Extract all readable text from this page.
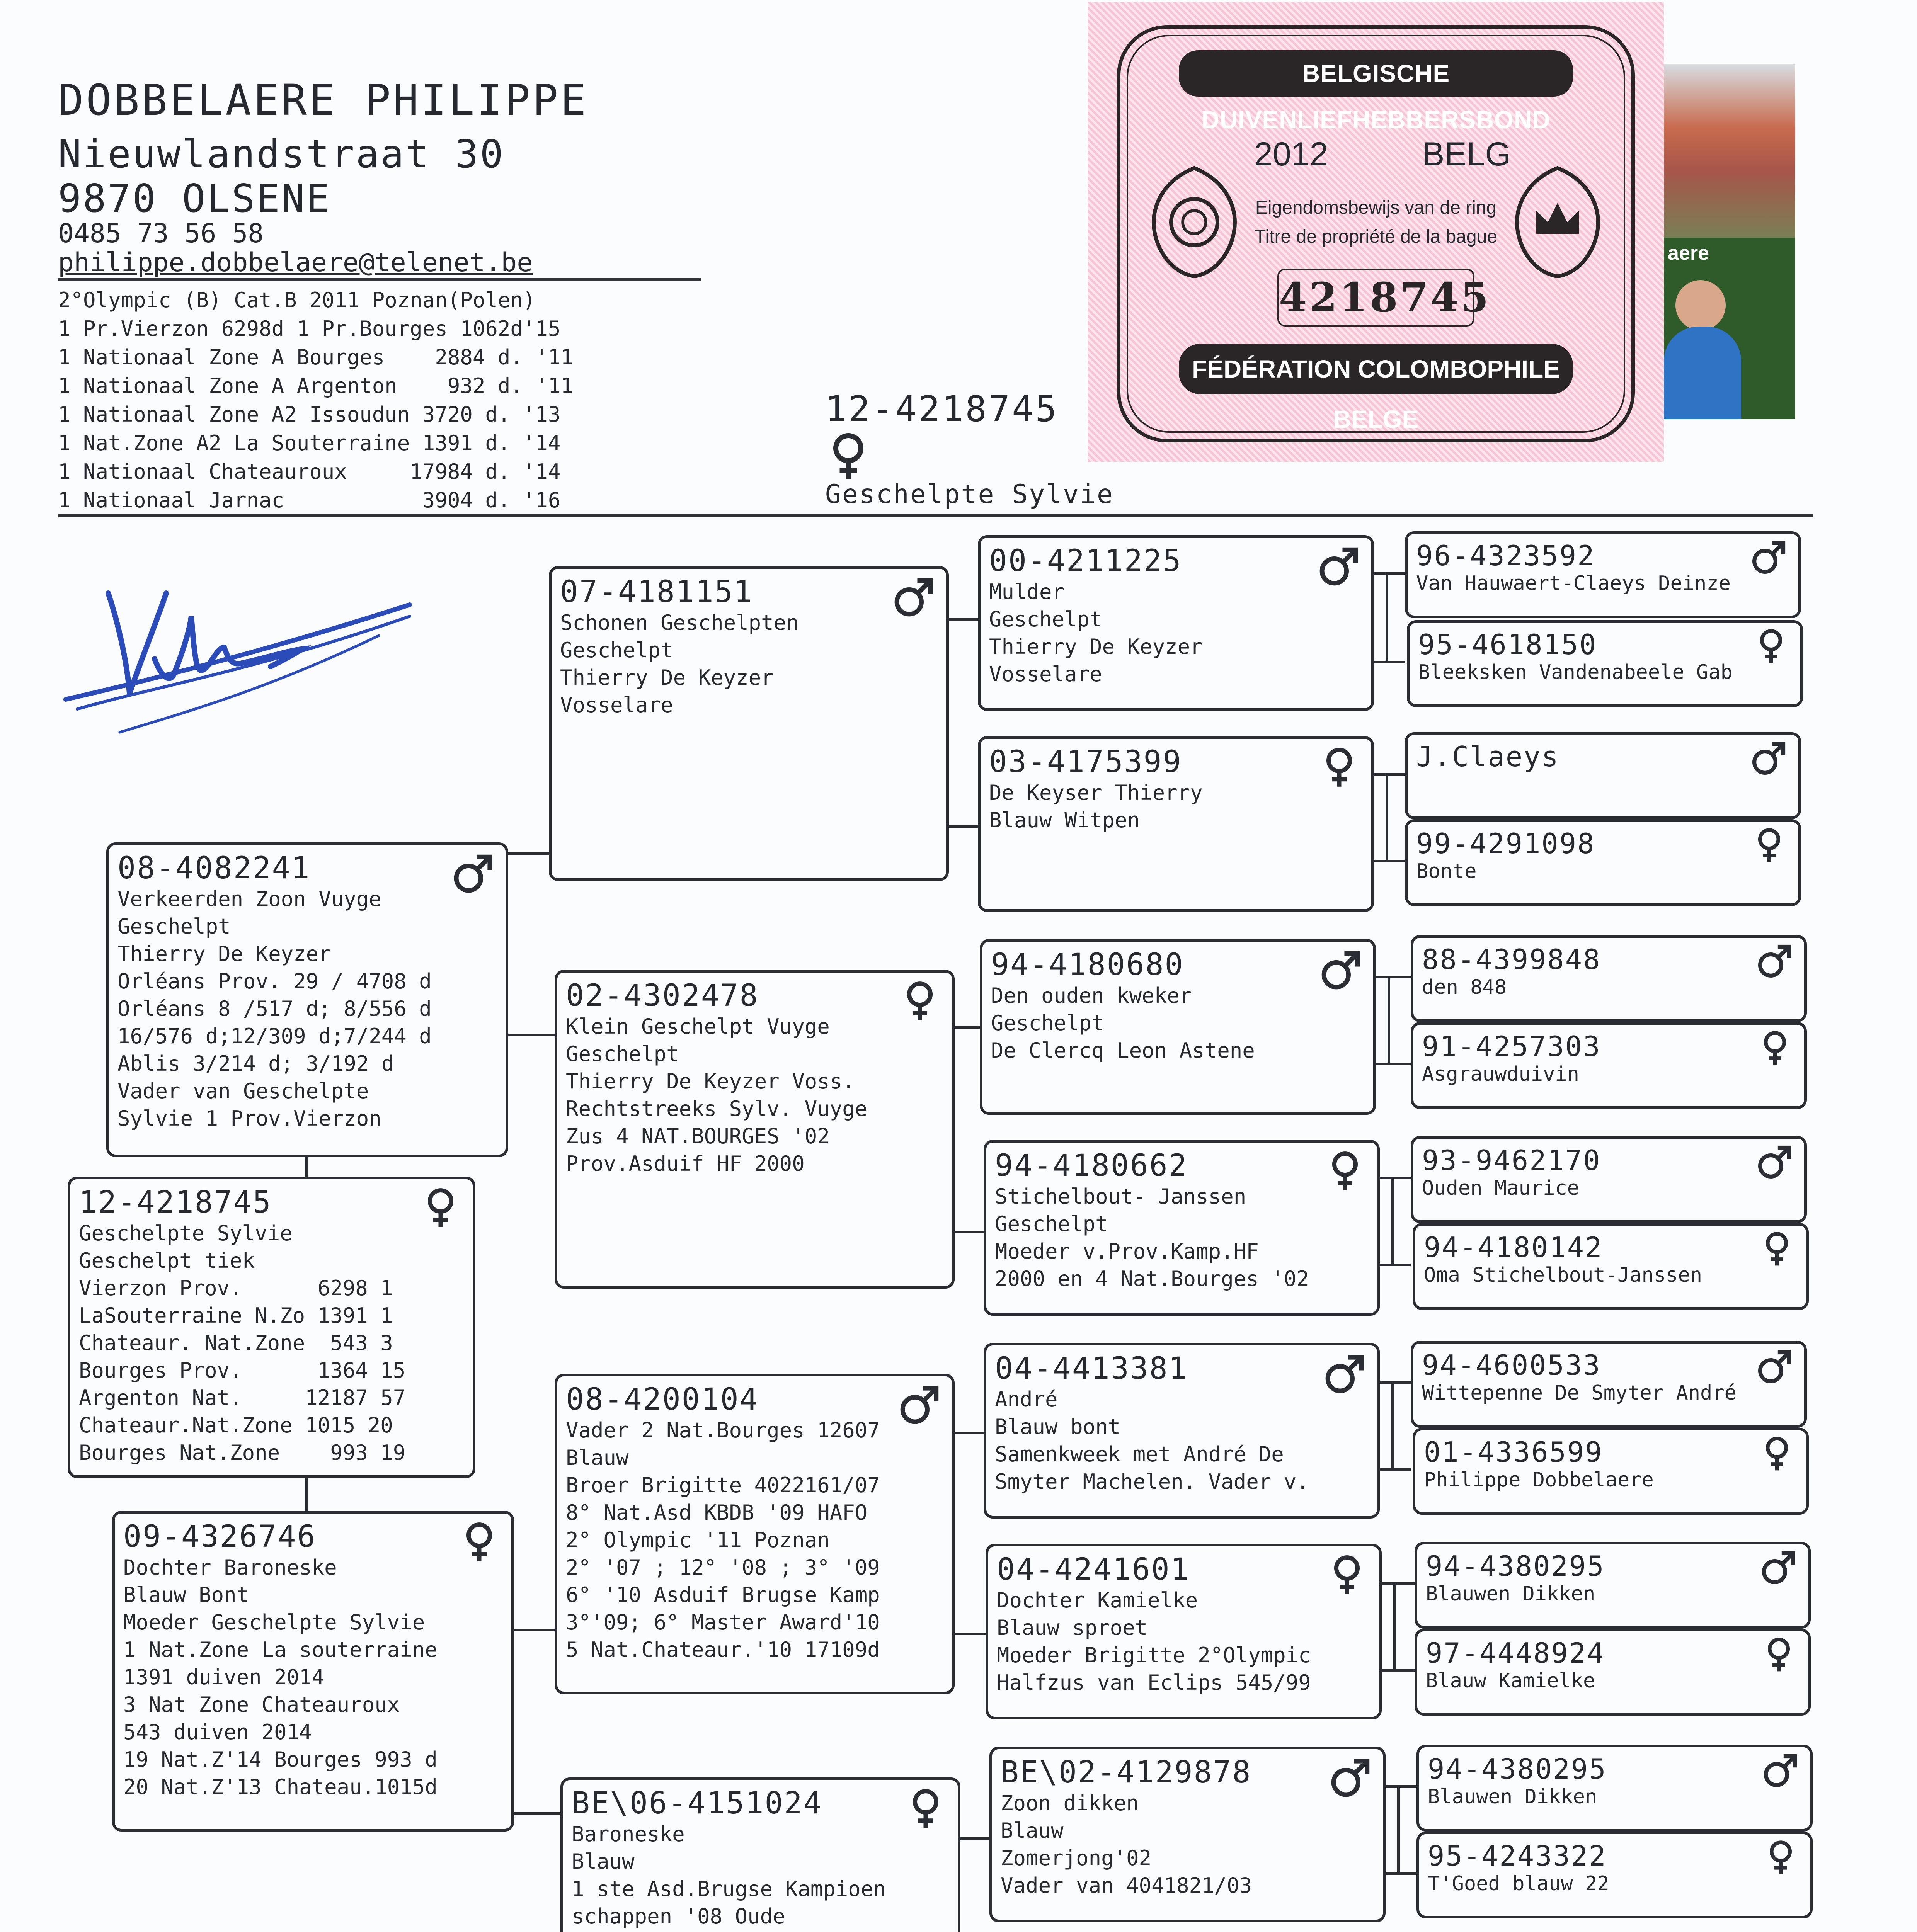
DOBBELAERE PHILIPPE
Nieuwlandstraat 30
9870 OLSENE
0485 73 56 58
philippe.dobbelaere@telenet.be
2°Olympic (B) Cat.B 2011 Poznan(Polen)
1 Pr.Vierzon 6298d 1 Pr.Bourges 1062d'15
1 Nationaal Zone A Bourges    2884 d. '11
1 Nationaal Zone A Argenton    932 d. '11
1 Nationaal Zone A2 Issoudun 3720 d. '13
1 Nat.Zone A2 La Souterraine 1391 d. '14
1 Nationaal Chateauroux     17984 d. '14
1 Nationaal Jarnac           3904 d. '16
12-4218745
Geschelpte Sylvie
BELGISCHE DUIVENLIEFHEBBERSBOND
2012	BELG
Eigendomsbewijs van de ring
Titre de propriété de la bague
4218745
FÉDÉRATION COLOMBOPHILE BELGE
aere
12-4218745
Geschelpte Sylvie
Geschelpt tiek
Vierzon Prov.      6298 1
LaSouterraine N.Zo 1391 1
Chateaur. Nat.Zone  543 3
Bourges Prov.      1364 15
Argenton Nat.     12187 57
Chateaur.Nat.Zone 1015 20
Bourges Nat.Zone    993 19
08-4082241
Verkeerden Zoon Vuyge
Geschelpt
Thierry De Keyzer
Orléans Prov. 29 / 4708 d
Orléans 8 /517 d; 8/556 d
16/576 d;12/309 d;7/244 d
Ablis 3/214 d; 3/192 d
Vader van Geschelpte
Sylvie 1 Prov.Vierzon
09-4326746
Dochter Baroneske
Blauw Bont
Moeder Geschelpte Sylvie
1 Nat.Zone La souterraine
1391 duiven 2014
3 Nat Zone Chateauroux
543 duiven 2014
19 Nat.Z'14 Bourges 993 d
20 Nat.Z'13 Chateau.1015d
07-4181151
Schonen Geschelpten
Geschelpt
Thierry De Keyzer
Vosselare
02-4302478
Klein Geschelpt Vuyge
Geschelpt
Thierry De Keyzer Voss.
Rechtstreeks Sylv. Vuyge
Zus 4 NAT.BOURGES '02
Prov.Asduif HF 2000
08-4200104
Vader 2 Nat.Bourges 12607
Blauw
Broer Brigitte 4022161/07
8° Nat.Asd KBDB '09 HAFO
2° Olympic '11 Poznan
2° '07 ; 12° '08 ; 3° '09
6° '10 Asduif Brugse Kamp
3°'09; 6° Master Award'10
5 Nat.Chateaur.'10 17109d
BE\06-4151024
Baroneske
Blauw
1 ste Asd.Brugse Kampioen
schappen '08 Oude
00-4211225
Mulder
Geschelpt
Thierry De Keyzer
Vosselare
03-4175399
De Keyser Thierry
Blauw Witpen
94-4180680
Den ouden kweker
Geschelpt
De Clercq Leon Astene
94-4180662
Stichelbout- Janssen
Geschelpt
Moeder v.Prov.Kamp.HF
2000 en 4 Nat.Bourges '02
04-4413381
André
Blauw bont
Samenkweek met André De
Smyter Machelen. Vader v.
04-4241601
Dochter Kamielke
Blauw sproet
Moeder Brigitte 2°Olympic
Halfzus van Eclips 545/99
BE\02-4129878
Zoon dikken
Blauw
Zomerjong'02
Vader van 4041821/03
96-4323592
Van Hauwaert-Claeys Deinze
95-4618150
Bleeksken Vandenabeele Gab
J.Claeys
99-4291098
Bonte
88-4399848
den 848
91-4257303
Asgrauwduivin
93-9462170
Ouden Maurice
94-4180142
Oma Stichelbout-Janssen
94-4600533
Wittepenne De Smyter André
01-4336599
Philippe Dobbelaere
94-4380295
Blauwen Dikken
97-4448924
Blauw Kamielke
94-4380295
Blauwen Dikken
95-4243322
T'Goed blauw 22
